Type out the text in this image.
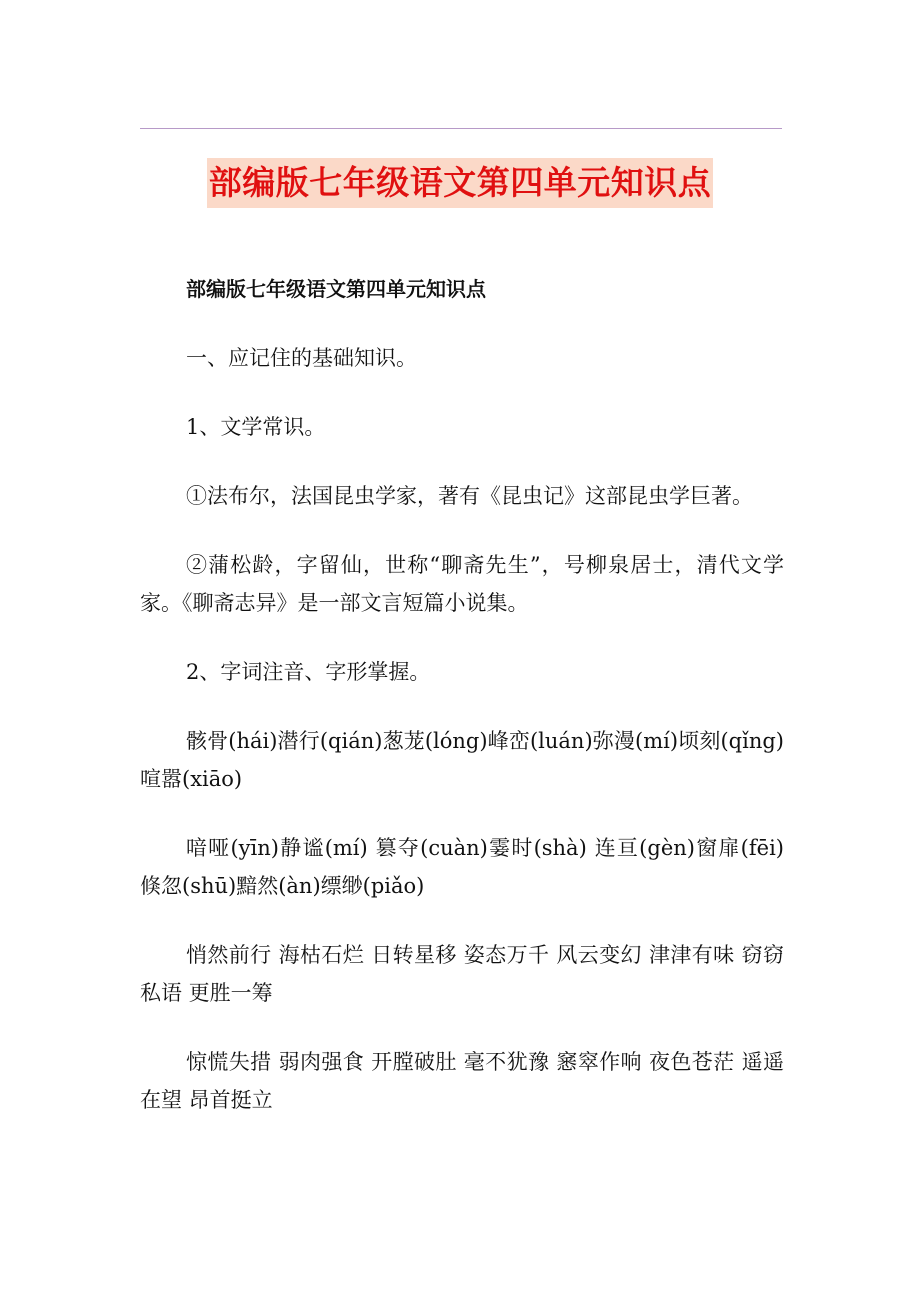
部编版七年级语文第四单元知识点

部编版七年级语文第四单元知识点

一、应记住的基础知识。

1、文学常识。

①法布尔，法国昆虫学家，著有《昆虫记》这部昆虫学巨著。

②蒲松龄，字留仙，世称“聊斋先生”，号柳泉居士，清代文学家。《聊斋志异》是一部文言短篇小说集。

2、字词注音、字形掌握。

骸骨(hái)潜行(qián)葱茏(lóng)峰峦(luán)弥漫(mí)顷刻(qǐng)喧嚣(xiāo)

喑哑(yīn)静谧(mí) 篡夺(cuàn)霎时(shà) 连亘(gèn)窗扉(fēi) 倏忽(shū)黯然(àn)缥缈(piǎo)

悄然前行 海枯石烂 日转星移 姿态万千 风云变幻 津津有味 窃窃私语 更胜一筹

惊慌失措 弱肉强食 开膛破肚 毫不犹豫 窸窣作响 夜色苍茫 遥遥在望 昂首挺立
